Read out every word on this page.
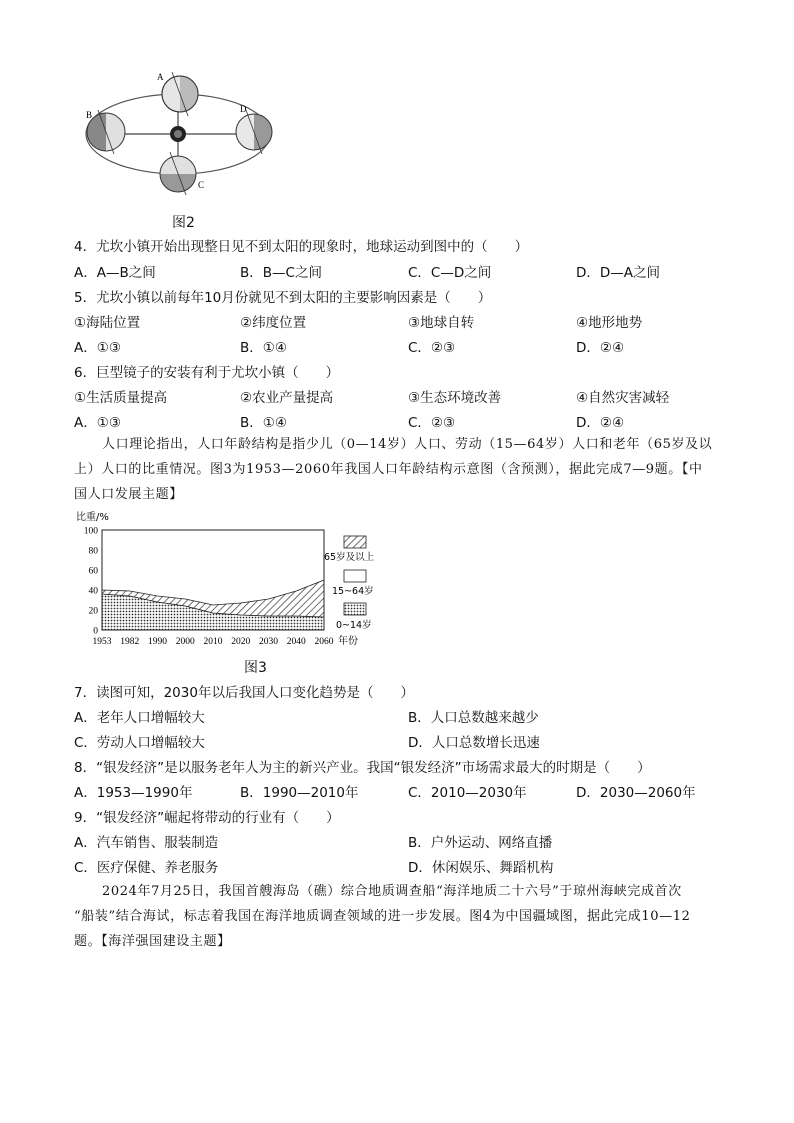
A
B
D
C
图2
4．尤坎小镇开始出现整日见不到太阳的现象时，地球运动到图中的（　　）
A．A—B之间	B．B—C之间	C．C—D之间	D．D—A之间
5．尤坎小镇以前每年10月份就见不到太阳的主要影响因素是（　　）
①海陆位置	②纬度位置	③地球自转	④地形地势
A．①③	B．①④	C．②③	D．②④
6．巨型镜子的安装有利于尤坎小镇（　　）
①生活质量提高	②农业产量提高	③生态环境改善	④自然灾害减轻
A．①③	B．①④	C．②③	D．②④
人口理论指出，人口年龄结构是指少儿（0—14岁）人口、劳动（15—64岁）人口和老年（65岁及以
上）人口的比重情况。图3为1953—2060年我国人口年龄结构示意图（含预测），据此完成7—9题。【中
国人口发展主题】
比重/%
100
80
60
40
20
0
1953 1982 1990 2000 2010 2020 2030 2040 2060 年份
65岁及以上
15~64岁
0~14岁
图3
7．读图可知，2030年以后我国人口变化趋势是（　　）
A．老年人口增幅较大	B．人口总数越来越少
C．劳动人口增幅较大	D．人口总数增长迅速
8．“银发经济”是以服务老年人为主的新兴产业。我国“银发经济”市场需求最大的时期是（　　）
A．1953—1990年	B．1990—2010年	C．2010—2030年	D．2030—2060年
9．“银发经济”崛起将带动的行业有（　　）
A．汽车销售、服装制造	B．户外运动、网络直播
C．医疗保健、养老服务	D．休闲娱乐、舞蹈机构
2024年7月25日，我国首艘海岛（礁）综合地质调查船“海洋地质二十六号”于琼州海峡完成首次
“船装”结合海试，标志着我国在海洋地质调查领域的进一步发展。图4为中国疆域图，据此完成10—12
题。【海洋强国建设主题】
